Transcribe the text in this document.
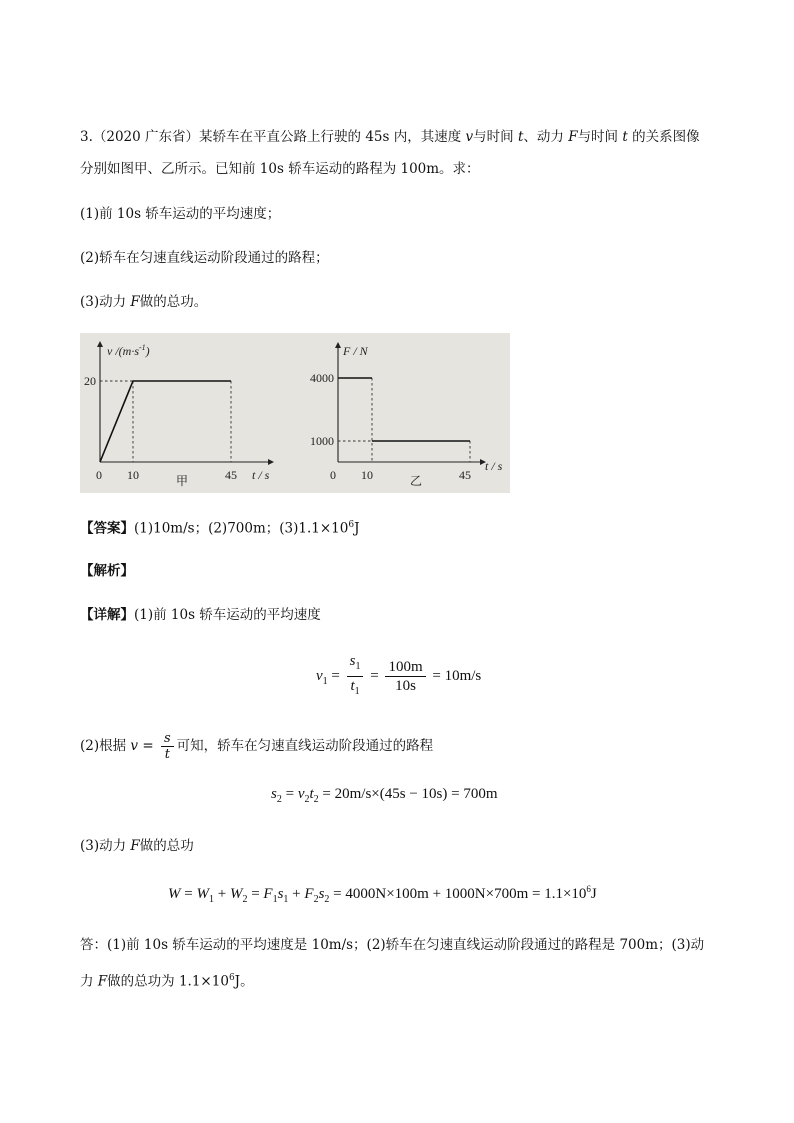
3.（2020 广东省）某轿车在平直公路上行驶的 45s 内，其速度 v与时间 t、动力 F与时间 t 的关系图像
分别如图甲、乙所示。已知前 10s 轿车运动的路程为 100m。求：
(1)前 10s 轿车运动的平均速度；
(2)轿车在匀速直线运动阶段通过的路程；
(3)动力 F做的总功。
v $/(m\cdot s^{-1})$
20
0 10	45 t / s
甲
F / N
4000
1000
0 10	45
t / s
乙
【答案】(1)10m/s；(2)700m；$(3)1.1\times 10^6J$
【解析】
【详解】(1)前 10s 轿车运动的平均速度
$v_1 = \frac{s_1}{t_1} = \frac{100m}{10s} = 10m/s$
(2)根据 $v = \frac{s}{t}$ 可知，轿车在匀速直线运动阶段通过的路程
$s_2 = v_2t_2 = 20m/s\times(45s - 10s) = 700m$
(3)动力 F做的总功
$W = W_1 + W_2 = F_1s_1 + F_2s_2 = 4000N\times 100m + 1000N\times 700m = 1.1\times 10^6J$
答：(1)前 10s 轿车运动的平均速度是 10m/s；(2)轿车在匀速直线运动阶段通过的路程是 700m；(3)动
力 F做的总功为 $1.1\times 10^6J$。
